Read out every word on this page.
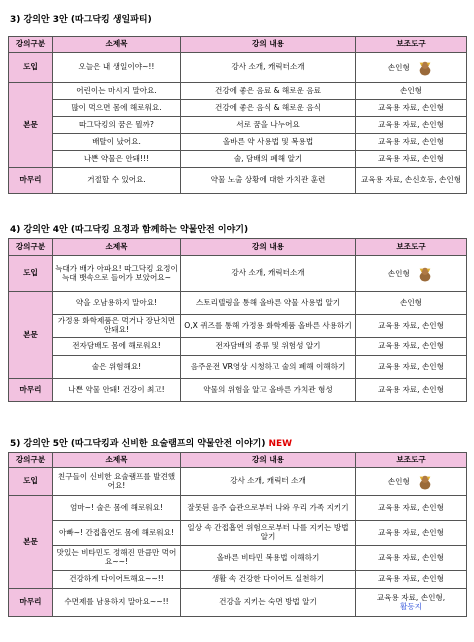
3) 강의안 3안 (따그닥킹 생일파티)
강의구분	소제목	강의 내용	보조도구
도입	오늘은 내 생일이야~!!	강사 소개, 캐릭터소개	손인형
본문	어린이는 마시지 말아요.	건강에 좋은 음료 & 해로운 음료	손인형
	많이 먹으면 몸에 해로워요.	건강에 좋은 음식 & 해로운 음식	교육용 자료, 손인형
	따그닥킹의 꿈은 뭘까?	서로 꿈을 나누어요	교육용 자료, 손인형
	배탈이 났어요.	올바른 약 사용법 및 복용법	교육용 자료, 손인형
	나쁜 약물은 안돼!!!	술, 담배의 폐해 알기	교육용 자료, 손인형
마무리	거절할 수 있어요.	약물 노출 상황에 대한 가치관 훈련	교육용 자료, 손신호등, 손인형
4) 강의안 4안 (따그닥킹 요정과 함께하는 약물안전 이야기)
강의구분	소제목	강의 내용	보조도구
도입	늑대가 배가 아파요! 따그닥킹 요정이 늑대 뱃속으로 들어가 보았어요~	강사 소개, 캐릭터소개	손인형
본문	약을 오남용하지 말아요!	스토리텔링을 통해 올바른 약물 사용법 알기	손인형
	가정용 화학제품은 먹거나 장난치면 안돼요!	O,X 퀴즈를 통해 가정용 화학제품 올바른 사용하기	교육용 자료, 손인형
	전자담배도 몸에 해로워요!	전자담배의 종류 및 위험성 알기	교육용 자료, 손인형
	술은 위험해요!	음주운전 VR영상 시청하고 술의 폐해 이해하기	교육용 자료, 손인형
마무리	나쁜 약물 안돼! 건강이 최고!	약물의 위험을 알고 올바른 가치관 형성	교육용 자료, 손인형
5) 강의안 5안 (따그닥킹과 신비한 요술램프의 약물안전 이야기) NEW
강의구분	소제목	강의 내용	보조도구
도입	친구들이 신비한 요술램프를 발견했어요!	강사 소개, 캐릭터 소개	손인형
본문	엄마~! 술은 몸에 해로워요!	잘못된 음주 습관으로부터 나와 우리 가족 지키기	교육용 자료, 손인형
	아빠~! 간접흡연도 몸에 해로워요!	일상 속 간접흡연 위험으로부터 나를 지키는 방법 알기	교육용 자료, 손인형
	맛있는 비타민도 정해진 만큼만 먹어요~~!	올바른 비타민 복용법 이해하기	교육용 자료, 손인형
	건강하게 다이어트해요~~!!	생활 속 건강한 다이어트 실천하기	교육용 자료, 손인형
마무리	수면제를 남용하지 말아요~~!!	건강을 지키는 숙면 방법 알기	교육용 자료, 손인형,
활동지
